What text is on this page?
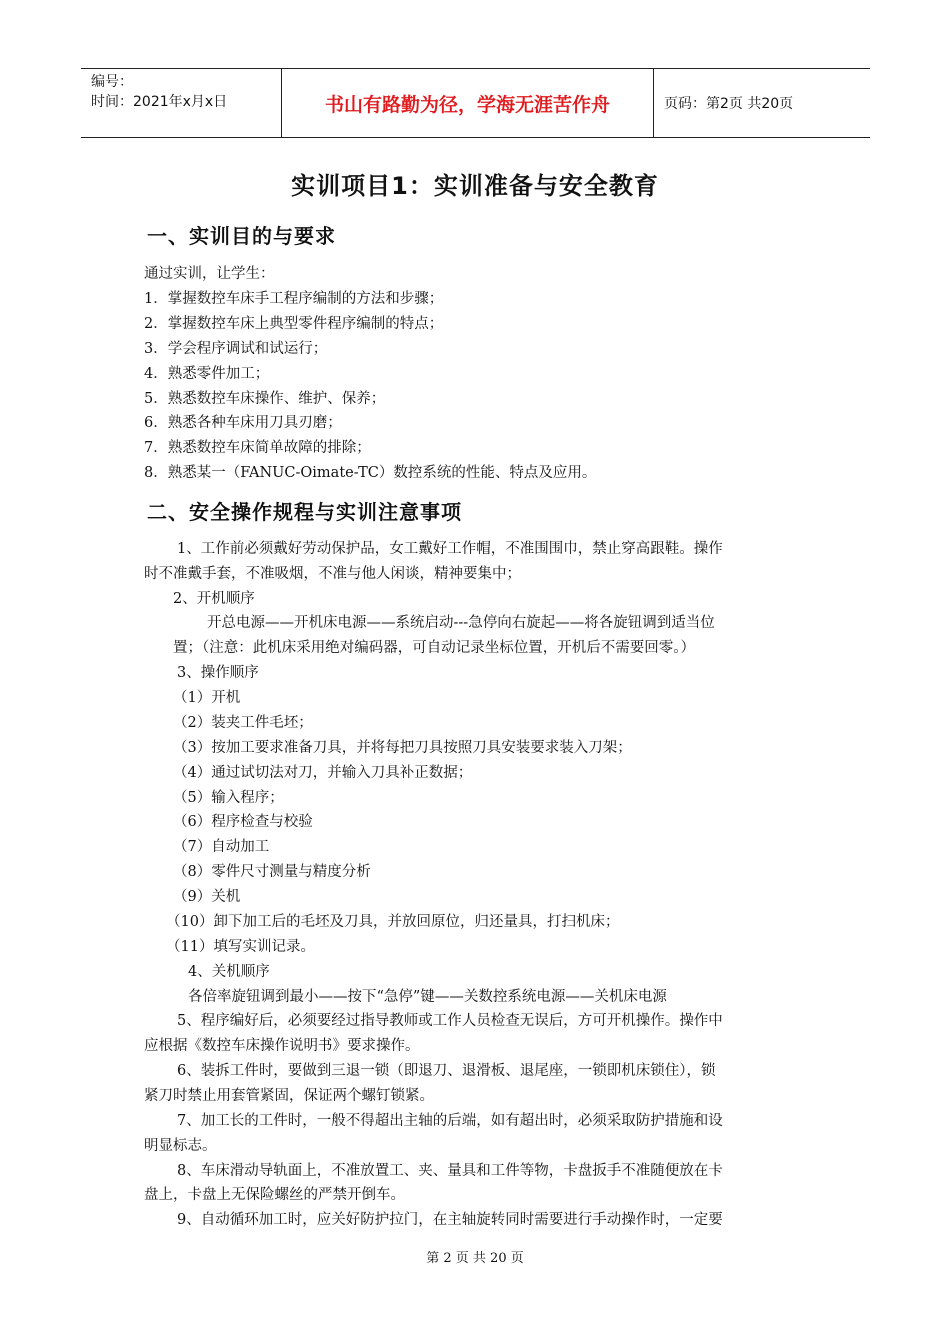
编号：
时间：2021年x月x日	书山有路勤为径，学海无涯苦作舟	页码：第2页 共20页
实训项目1：实训准备与安全教育
一、实训目的与要求
通过实训，让学生：
1．掌握数控车床手工程序编制的方法和步骤；
2．掌握数控车床上典型零件程序编制的特点；
3．学会程序调试和试运行；
4．熟悉零件加工；
5．熟悉数控车床操作、维护、保养；
6．熟悉各种车床用刀具刃磨；
7．熟悉数控车床简单故障的排除；
8．熟悉某一（FANUC-Oimate-TC）数控系统的性能、特点及应用。
二、安全操作规程与实训注意事项
1、工作前必须戴好劳动保护品，女工戴好工作帽，不准围围巾，禁止穿高跟鞋。操作
时不准戴手套，不准吸烟，不准与他人闲谈，精神要集中；
2、开机顺序
开总电源——开机床电源——系统启动---急停向右旋起——将各旋钮调到适当位
置；（注意：此机床采用绝对编码器，可自动记录坐标位置，开机后不需要回零。）
3、操作顺序
（1）开机
（2）装夹工件毛坯；
（3）按加工要求准备刀具，并将每把刀具按照刀具安装要求装入刀架；
（4）通过试切法对刀，并输入刀具补正数据；
（5）输入程序；
（6）程序检查与校验
（7）自动加工
（8）零件尺寸测量与精度分析
（9）关机
（10）卸下加工后的毛坯及刀具，并放回原位，归还量具，打扫机床；
（11）填写实训记录。
4、关机顺序
各倍率旋钮调到最小——按下“急停”键——关数控系统电源——关机床电源
5、程序编好后，必须要经过指导教师或工作人员检查无误后，方可开机操作。操作中
应根据《数控车床操作说明书》要求操作。
6、装拆工件时，要做到三退一锁（即退刀、退滑板、退尾座，一锁即机床锁住），锁
紧刀时禁止用套管紧固，保证两个螺钉锁紧。
7、加工长的工件时，一般不得超出主轴的后端，如有超出时，必须采取防护措施和设
明显标志。
8、车床滑动导轨面上，不准放置工、夹、量具和工件等物，卡盘扳手不准随便放在卡
盘上，卡盘上无保险螺丝的严禁开倒车。
9、自动循环加工时，应关好防护拉门，在主轴旋转同时需要进行手动操作时，一定要
第 2 页 共 20 页
